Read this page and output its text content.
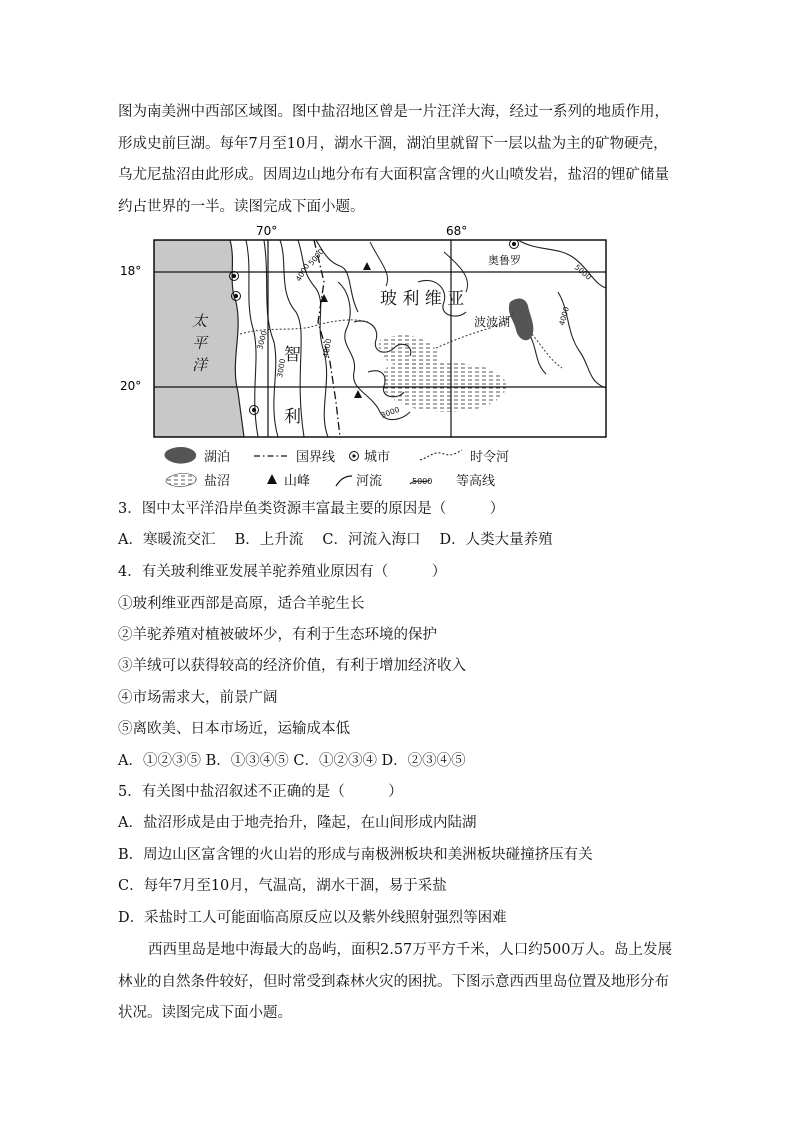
图为南美洲中西部区域图。图中盐沼地区曾是一片汪洋大海，经过一系列的地质作用，形成史前巨湖。每年7月至10月，湖水干涸，湖泊里就留下一层以盐为主的矿物硬壳，乌尤尼盐沼由此形成。因周边山地分布有大面积富含锂的火山喷发岩，盐沼的锂矿储量约占世界的一半。读图完成下面小题。

70°	68°
18°
20°
3000
4000
5000
3000
4000
3000
5000
4000
太
平
洋
玻 利 维 亚
智
利
奥鲁罗
波波湖
湖泊	国界线 城市	时令河
盐沼	山峰	河流	5000 等高线

3．图中太平洋沿岸鱼类资源丰富最主要的原因是（　　　）

A．寒暖流交汇　 B．上升流　 C．河流入海口　 D．人类大量养殖

4．有关玻利维亚发展羊驼养殖业原因有（　　　）

①玻利维亚西部是高原，适合羊驼生长

②羊驼养殖对植被破坏少，有利于生态环境的保护

③羊绒可以获得较高的经济价值，有利于增加经济收入

④市场需求大，前景广阔

⑤离欧美、日本市场近，运输成本低

A．①②③⑤ B．①③④⑤ C．①②③④ D．②③④⑤

5．有关图中盐沼叙述不正确的是（　　　）

A．盐沼形成是由于地壳抬升，隆起，在山间形成内陆湖

B．周边山区富含锂的火山岩的形成与南极洲板块和美洲板块碰撞挤压有关

C．每年7月至10月，气温高，湖水干涸，易于采盐

D．采盐时工人可能面临高原反应以及紫外线照射强烈等困难

西西里岛是地中海最大的岛屿，面积2.57万平方千米，人口约500万人。岛上发展林业的自然条件较好，但时常受到森林火灾的困扰。下图示意西西里岛位置及地形分布状况。读图完成下面小题。
